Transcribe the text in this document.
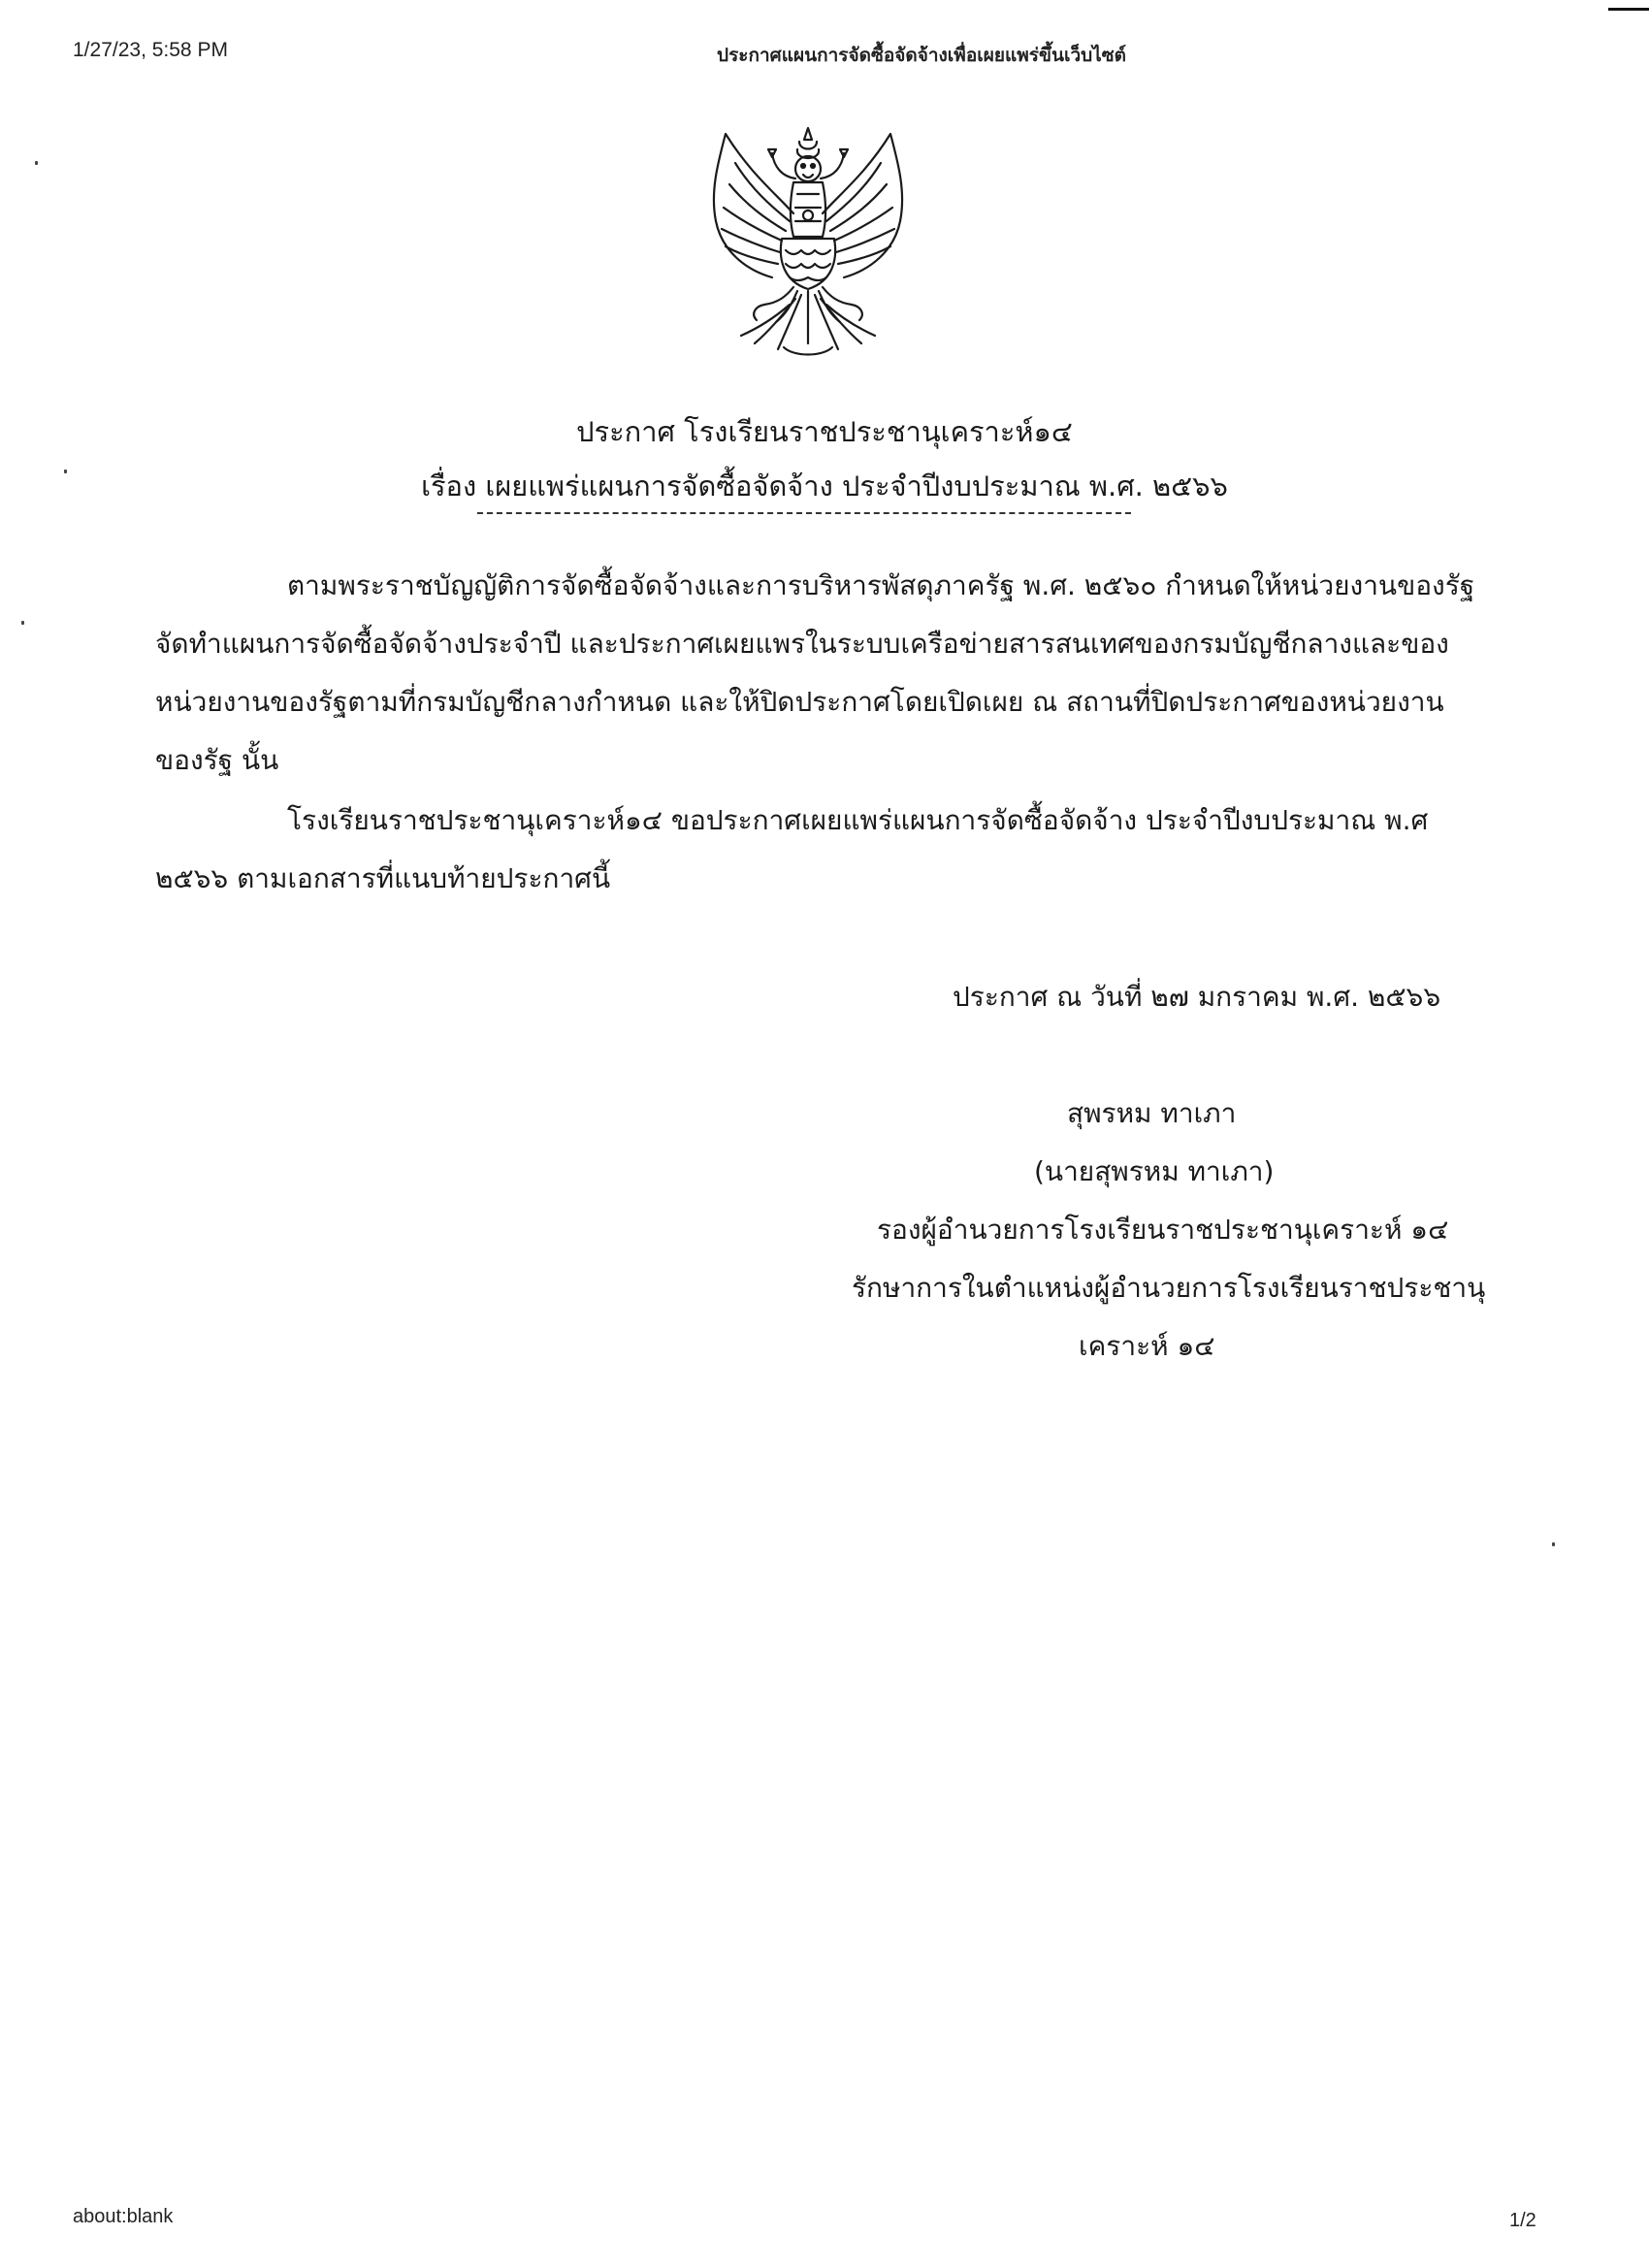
1/27/23, 5:58 PM	ประกาศแผนการจัดซื้อจัดจ้างเพื่อเผยแพร่ขึ้นเว็บไซต์
ประกาศ โรงเรียนราชประชานุเคราะห์๑๔
เรื่อง เผยแพร่แผนการจัดซื้อจัดจ้าง ประจำปีงบประมาณ พ.ศ. ๒๕๖๖
ตามพระราชบัญญัติการจัดซื้อจัดจ้างและการบริหารพัสดุภาครัฐ พ.ศ. ๒๕๖๐ กำหนดให้หน่วยงานของรัฐ
จัดทำแผนการจัดซื้อจัดจ้างประจำปี และประกาศเผยแพรในระบบเครือข่ายสารสนเทศของกรมบัญชีกลางและของ
หน่วยงานของรัฐตามที่กรมบัญชีกลางกำหนด และให้ปิดประกาศโดยเปิดเผย ณ สถานที่ปิดประกาศของหน่วยงาน
ของรัฐ นั้น
โรงเรียนราชประชานุเคราะห์๑๔ ขอประกาศเผยแพร่แผนการจัดซื้อจัดจ้าง ประจำปีงบประมาณ พ.ศ
๒๕๖๖ ตามเอกสารที่แนบท้ายประกาศนี้
ประกาศ ณ วันที่ ๒๗ มกราคม พ.ศ. ๒๕๖๖
สุพรหม ทาเภา
(นายสุพรหม ทาเภา)
รองผู้อำนวยการโรงเรียนราชประชานุเคราะห์ ๑๔
รักษาการในตำแหน่งผู้อำนวยการโรงเรียนราชประชานุ
เคราะห์ ๑๔
about:blank	1/2
